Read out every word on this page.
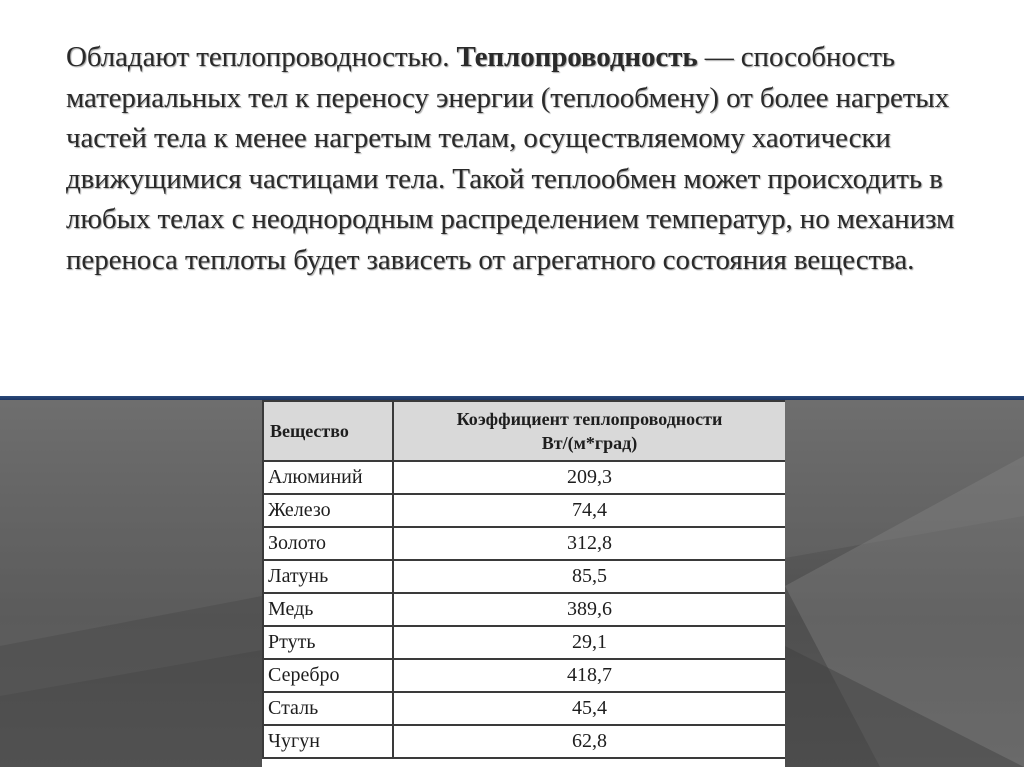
Обладают теплопроводностью. Теплопроводность — способность материальных тел к переносу энергии (теплообмену) от более нагретых частей тела к менее нагретым телам, осуществляемому хаотически движущимися частицами тела. Такой теплообмен может происходить в любых телах с неоднородным распределением температур, но механизм переноса теплоты будет зависеть от агрегатного состояния вещества.
Вещество	Коэффициент теплопроводности
Вт/(м*град)

Алюминий	209,3
Железо	74,4
Золото	312,8
Латунь	85,5
Медь	389,6
Ртуть	29,1
Серебро	418,7
Сталь	45,4
Чугун	62,8
